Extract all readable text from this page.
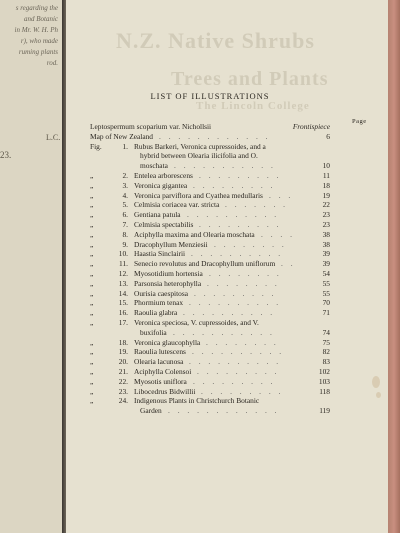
s regarding the
and Botanic
in Mr. W. H. Ph
r), who made
ruming plants
rod.
L.C.
23.
N.Z. Native Shrubs
Trees and Plants
The Lincoln College
LIST OF ILLUSTRATIONS
Page
Leptospermum scoparium var. Nichollsii	Frontispiece
Map of New Zealand	6
. . . . . . . . . . . .
Fig.	1. Rubus Barkeri, Veronica cupressoides, and a
hybrid between Olearia ilicifolia and O.
moschata	10
. . . . . . . . . . .
„	2. Entelea arborescens	11
. . . . . . . . .
„	3. Veronica gigantea	18
. . . . . . . . .
„	4. Veronica parviflora and Cyathea medullaris	19
. . .
„	5. Celmisia coriacea var. stricta	22
. . . . . . .
„	6. Gentiana patula	23
. . . . . . . . . .
„	7. Celmisia spectabilis	23
. . . . . . . . .
„	8. Aciphylla maxima and Olearia moschata	38
. . . .
„	9. Dracophyllum Menziesii	38
. . . . . . . .
„	10. Haastia Sinclairii	39
. . . . . . . . . .
„	11. Senecio revolutus and Dracophyllum uniflorum	39
. .
„	12. Myosotidium hortensia	54
. . . . . . . .
„	13. Parsonsia heterophylla	55
. . . . . . . .
„	14. Ourisia caespitosa	55
. . . . . . . . .
„	15. Phormium tenax	70
. . . . . . . . . .
„	16. Raoulia glabra	71
. . . . . . . . . .
„	17. Veronica speciosa, V. cupressoides, and V.
buxifolia	74
. . . . . . . . . . .
„	18. Veronica glaucophylla	75
. . . . . . . .
„	19. Raoulia lutescens	82
. . . . . . . . . .
„	20. Olearia lacunosa	83
. . . . . . . . . .
„	21. Aciphylla Colensoi	102
. . . . . . . . .
„	22. Myosotis uniflora	103
. . . . . . . . .
„	23. Libocedrus Bidwillii	118
. . . . . . . . .
„	24. Indigenous Plants in Christchurch Botanic
Garden	119
. . . . . . . . . . . .
